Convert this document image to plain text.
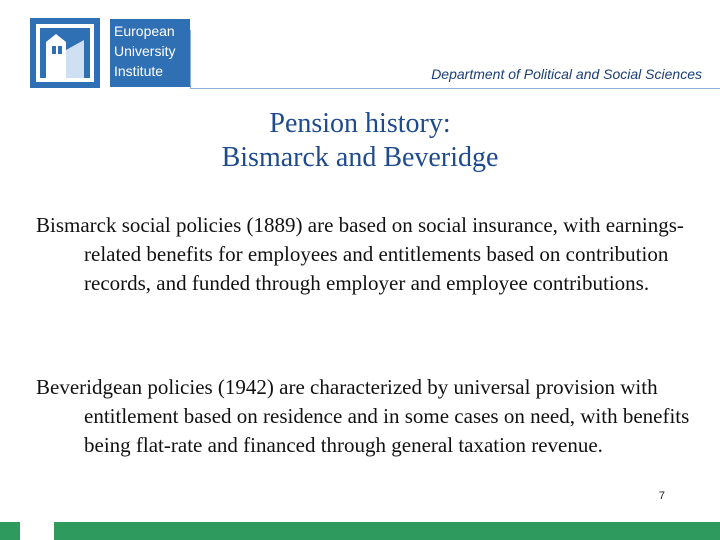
European
University
Institute	Department of Political and Social Sciences
Pension history:
Bismarck and Beveridge
Bismarck social policies (1889) are based on social insurance, with earnings-related benefits for employees and entitlements based on contribution records, and funded through employer and employee contributions.
Beveridgean policies (1942) are characterized by universal provision with entitlement based on residence and in some cases on need, with benefits being flat-rate and financed through general taxation revenue.
7
